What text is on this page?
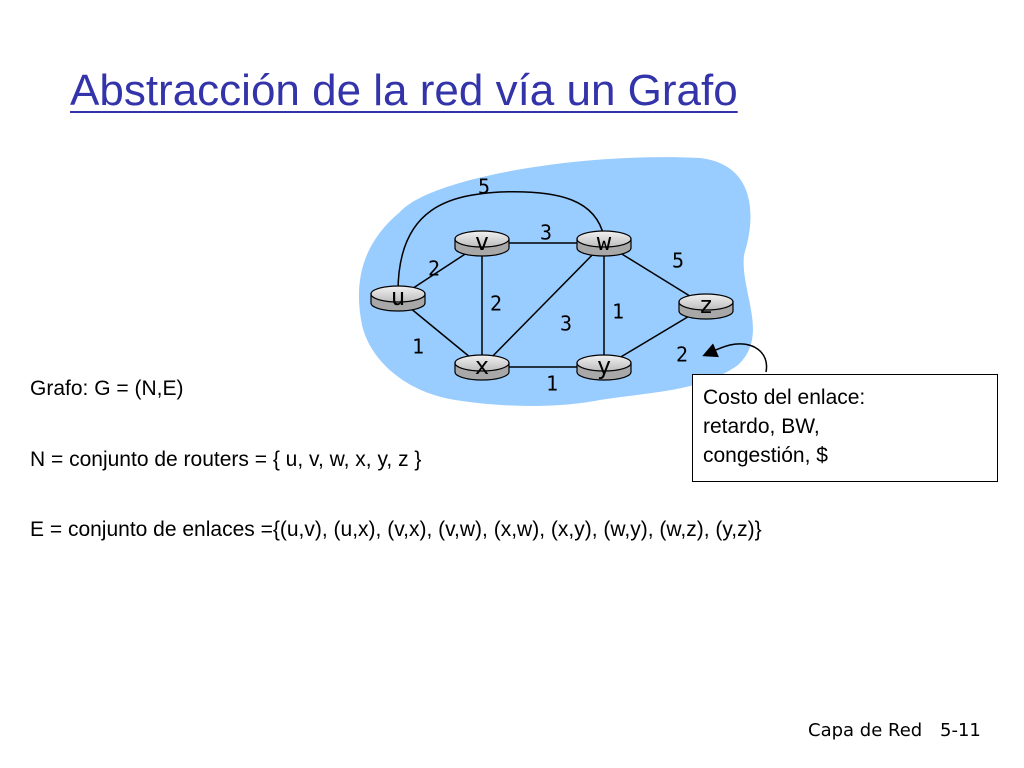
Abstracción de la red vía un Grafo
2
1
2
3
3
1
1
5
2
5
u
v	w
x	y
z
Grafo: G = (N,E)
N = conjunto de routers = { u, v, w, x, y, z }
E = conjunto de enlaces ={(u,v), (u,x), (v,x), (v,w), (x,w), (x,y), (w,y), (w,z), (y,z)}
Costo del enlace:
retardo, BW,
congestión, $
Capa de Red 5-11
